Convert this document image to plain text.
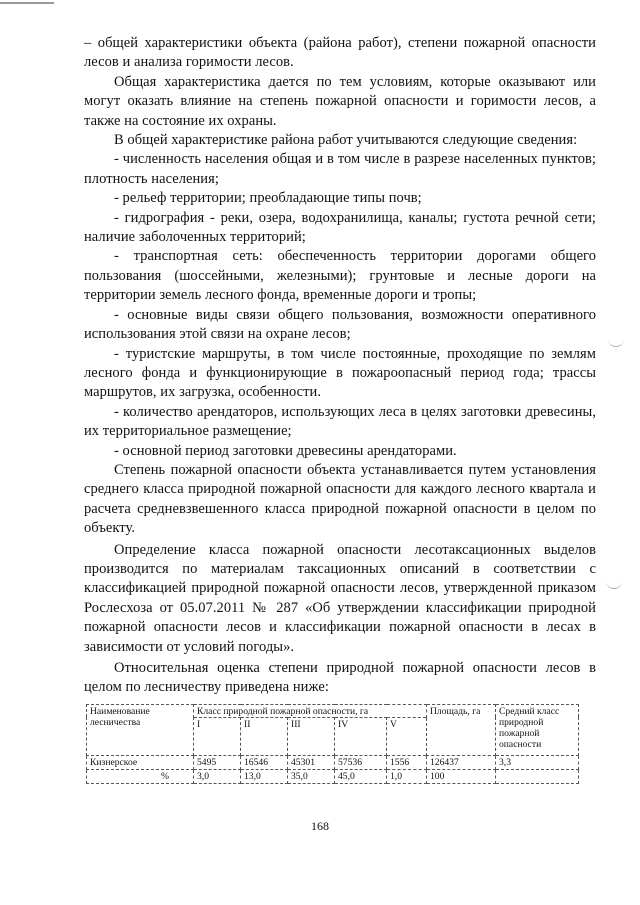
– общей характеристики объекта (района работ), степени пожарной опасности лесов и анализа горимости лесов.

Общая характеристика дается по тем условиям, которые оказывают или могут оказать влияние на степень пожарной опасности и горимости лесов, а также на состояние их охраны.

В общей характеристике района работ учитываются следующие сведения:

- численность населения общая и в том числе в разрезе населенных пунктов; плотность населения;

- рельеф территории; преобладающие типы почв;

- гидрография - реки, озера, водохранилища, каналы; густота речной сети; наличие заболоченных территорий;

- транспортная сеть: обеспеченность территории дорогами общего пользования (шоссейными, железными); грунтовые и лесные дороги на территории земель лесного фонда, временные дороги и тропы;

- основные виды связи общего пользования, возможности оперативного использования этой связи на охране лесов;

- туристские маршруты, в том числе постоянные, проходящие по землям лесного фонда и функционирующие в пожароопасный период года; трассы маршрутов, их загрузка, особенности.

- количество арендаторов, использующих леса в целях заготовки древесины, их территориальное размещение;

- основной период заготовки древесины арендаторами.

Степень пожарной опасности объекта устанавливается путем установления среднего класса природной пожарной опасности для каждого лесного квартала и расчета средневзвешенного класса природной пожарной опасности в целом по объекту.

Определение класса пожарной опасности лесотаксационных выделов производится по материалам таксационных описаний в соответствии с классификацией природной пожарной опасности лесов, утвержденной приказом Рослесхоза от 05.07.2011 № 287 «Об утверждении классификации природной пожарной опасности лесов и классификации пожарной опасности в лесах в зависимости от условий погоды».

Относительная оценка степени природной пожарной опасности лесов в целом по лесничеству приведена ниже:

Наименование лесничества	Класс природной пожарной опасности, га					Площадь, га	Средний класс природной пожарной опасности
	I	II	III	IV	V		
Кизнерское	5495	16546	45301	57536	1556	126437	3,3
%	3,0	13,0	35,0	45,0	1,0	100	
168
